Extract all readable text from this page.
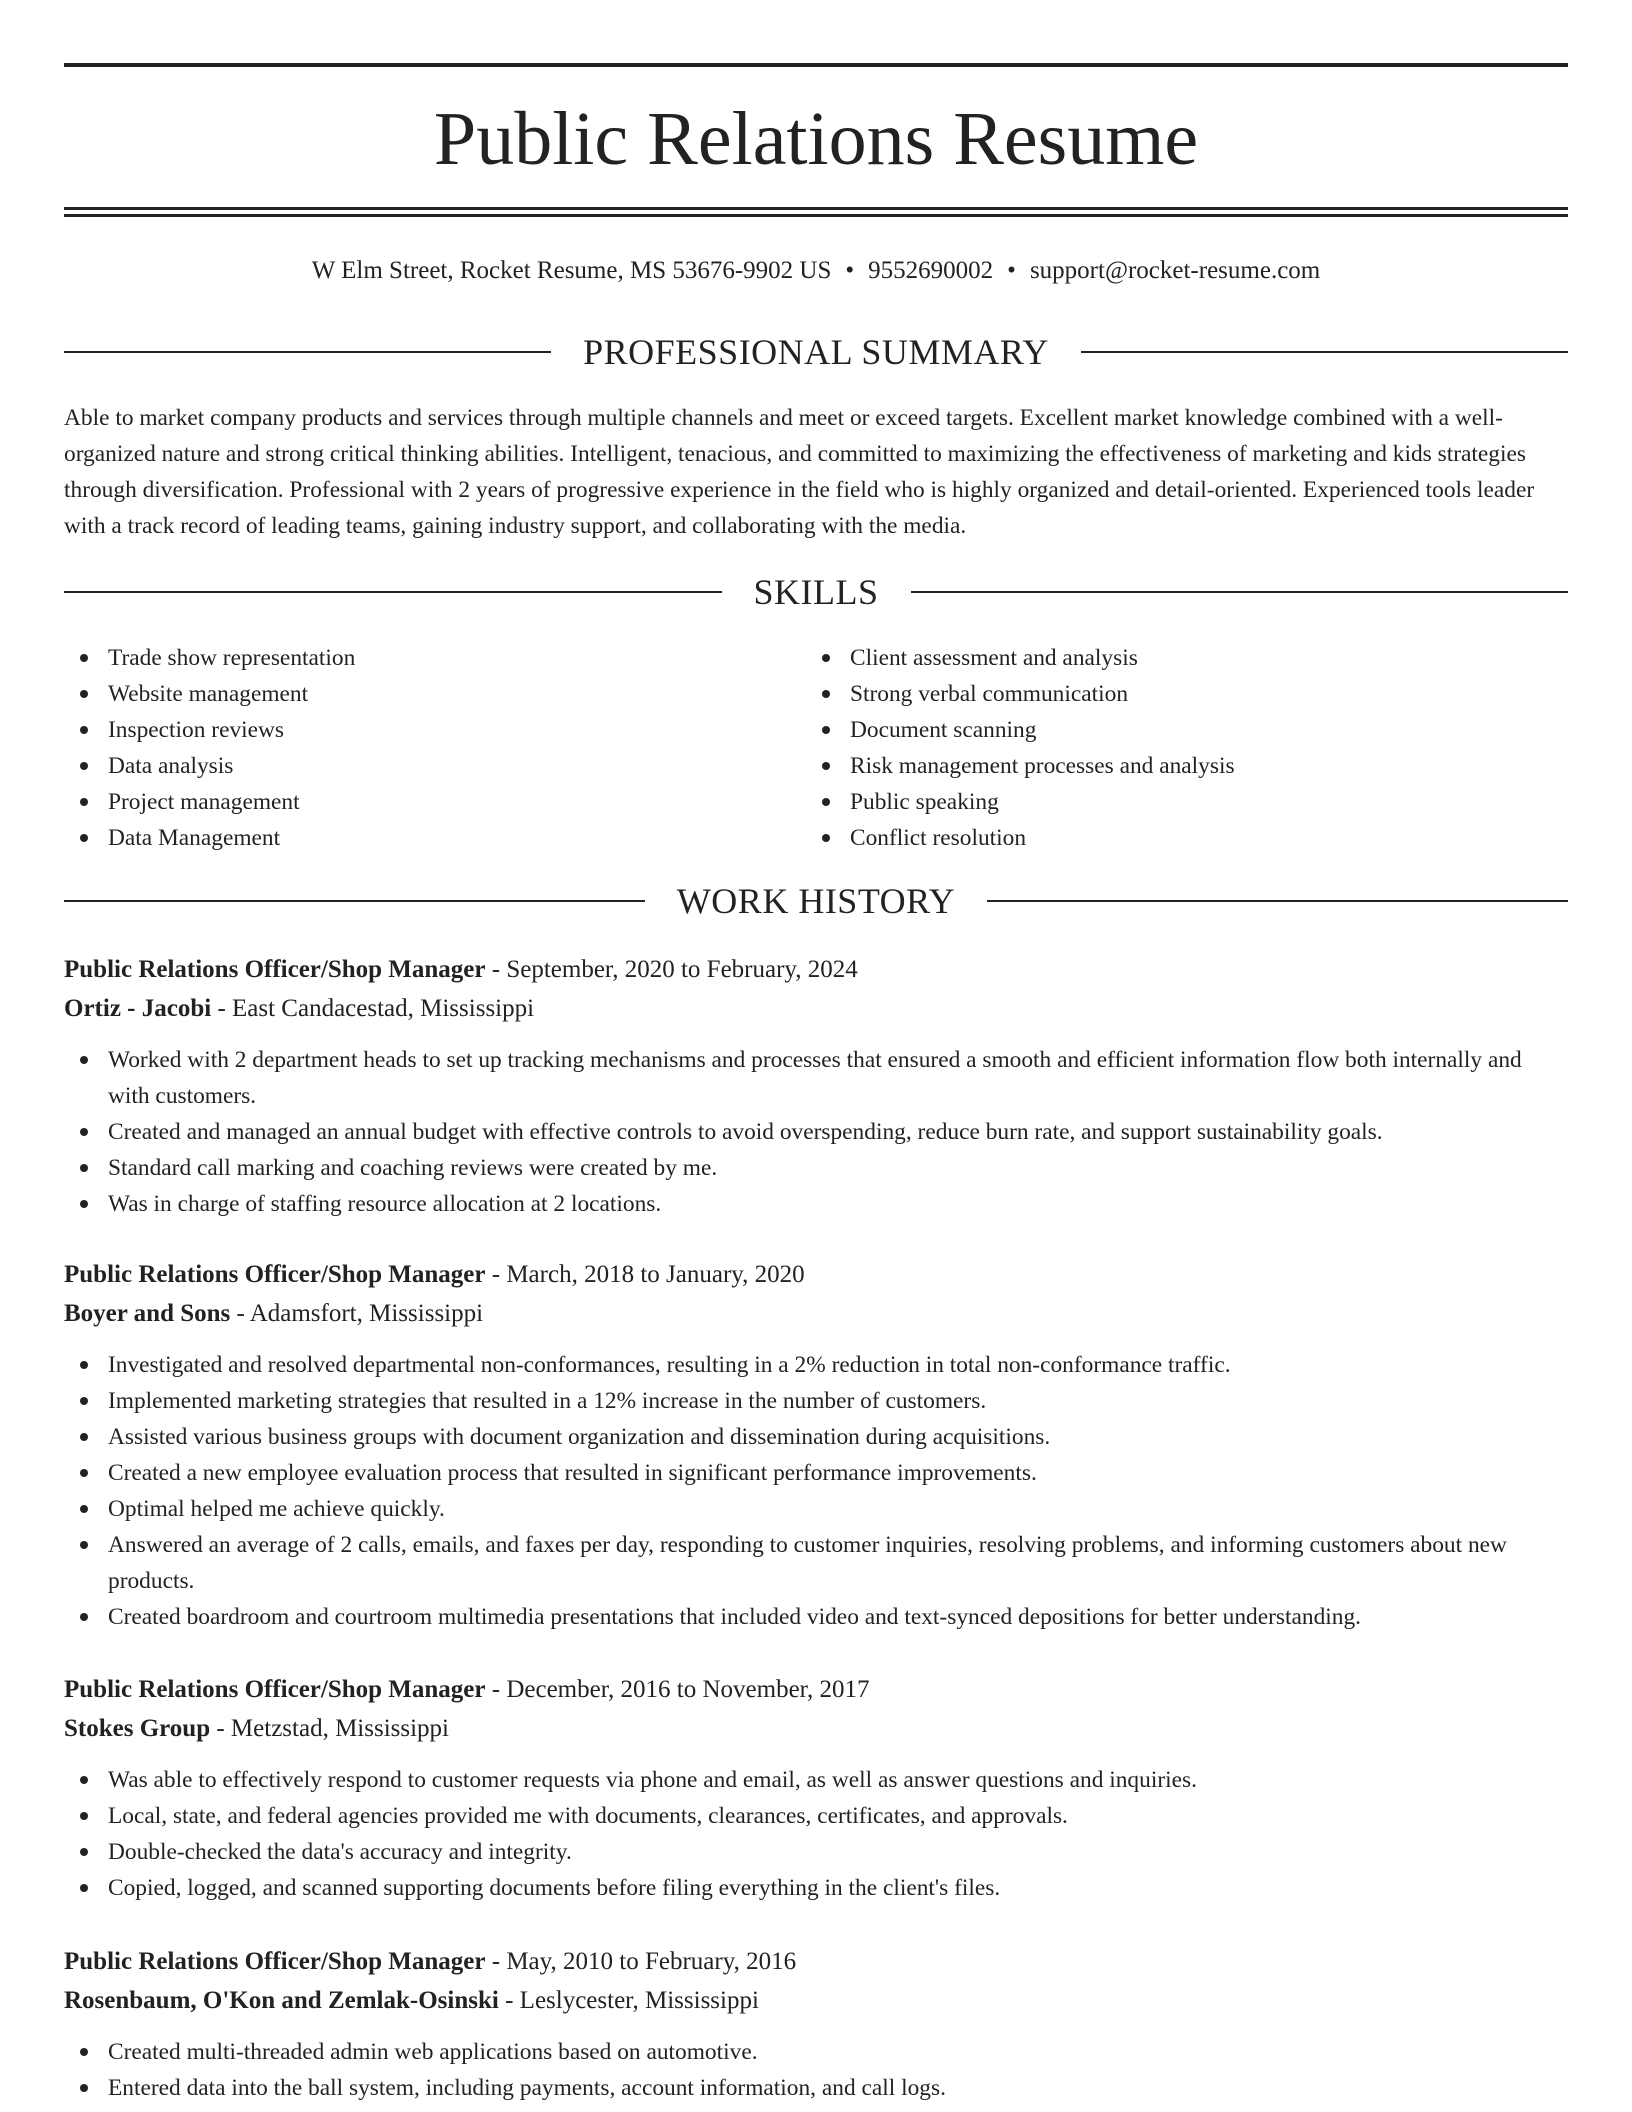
Public Relations Resume
W Elm Street, Rocket Resume, MS 53676-9902 US • 9552690002 • support@rocket-resume.com
PROFESSIONAL SUMMARY

Able to market company products and services through multiple channels and meet or exceed targets. Excellent market knowledge combined with a well-organized nature and strong critical thinking abilities. Intelligent, tenacious, and committed to maximizing the effectiveness of marketing and kids strategies through diversification. Professional with 2 years of progressive experience in the field who is highly organized and detail-oriented. Experienced tools leader with a track record of leading teams, gaining industry support, and collaborating with the media.

SKILLS
Trade show representation
Website management
Inspection reviews
Data analysis
Project management
Data Management
Client assessment and analysis
Strong verbal communication
Document scanning
Risk management processes and analysis
Public speaking
Conflict resolution
WORK HISTORY
Public Relations Officer/Shop Manager - September, 2020 to February, 2024
Ortiz - Jacobi - East Candacestad, Mississippi
Worked with 2 department heads to set up tracking mechanisms and processes that ensured a smooth and efficient information flow both internally and with customers.
Created and managed an annual budget with effective controls to avoid overspending, reduce burn rate, and support sustainability goals.
Standard call marking and coaching reviews were created by me.
Was in charge of staffing resource allocation at 2 locations.
Public Relations Officer/Shop Manager - March, 2018 to January, 2020
Boyer and Sons - Adamsfort, Mississippi
Investigated and resolved departmental non-conformances, resulting in a 2% reduction in total non-conformance traffic.
Implemented marketing strategies that resulted in a 12% increase in the number of customers.
Assisted various business groups with document organization and dissemination during acquisitions.
Created a new employee evaluation process that resulted in significant performance improvements.
Optimal helped me achieve quickly.
Answered an average of 2 calls, emails, and faxes per day, responding to customer inquiries, resolving problems, and informing customers about new products.
Created boardroom and courtroom multimedia presentations that included video and text-synced depositions for better understanding.
Public Relations Officer/Shop Manager - December, 2016 to November, 2017
Stokes Group - Metzstad, Mississippi
Was able to effectively respond to customer requests via phone and email, as well as answer questions and inquiries.
Local, state, and federal agencies provided me with documents, clearances, certificates, and approvals.
Double-checked the data's accuracy and integrity.
Copied, logged, and scanned supporting documents before filing everything in the client's files.
Public Relations Officer/Shop Manager - May, 2010 to February, 2016
Rosenbaum, O'Kon and Zemlak-Osinski - Leslycester, Mississippi
Created multi-threaded admin web applications based on automotive.
Entered data into the ball system, including payments, account information, and call logs.
